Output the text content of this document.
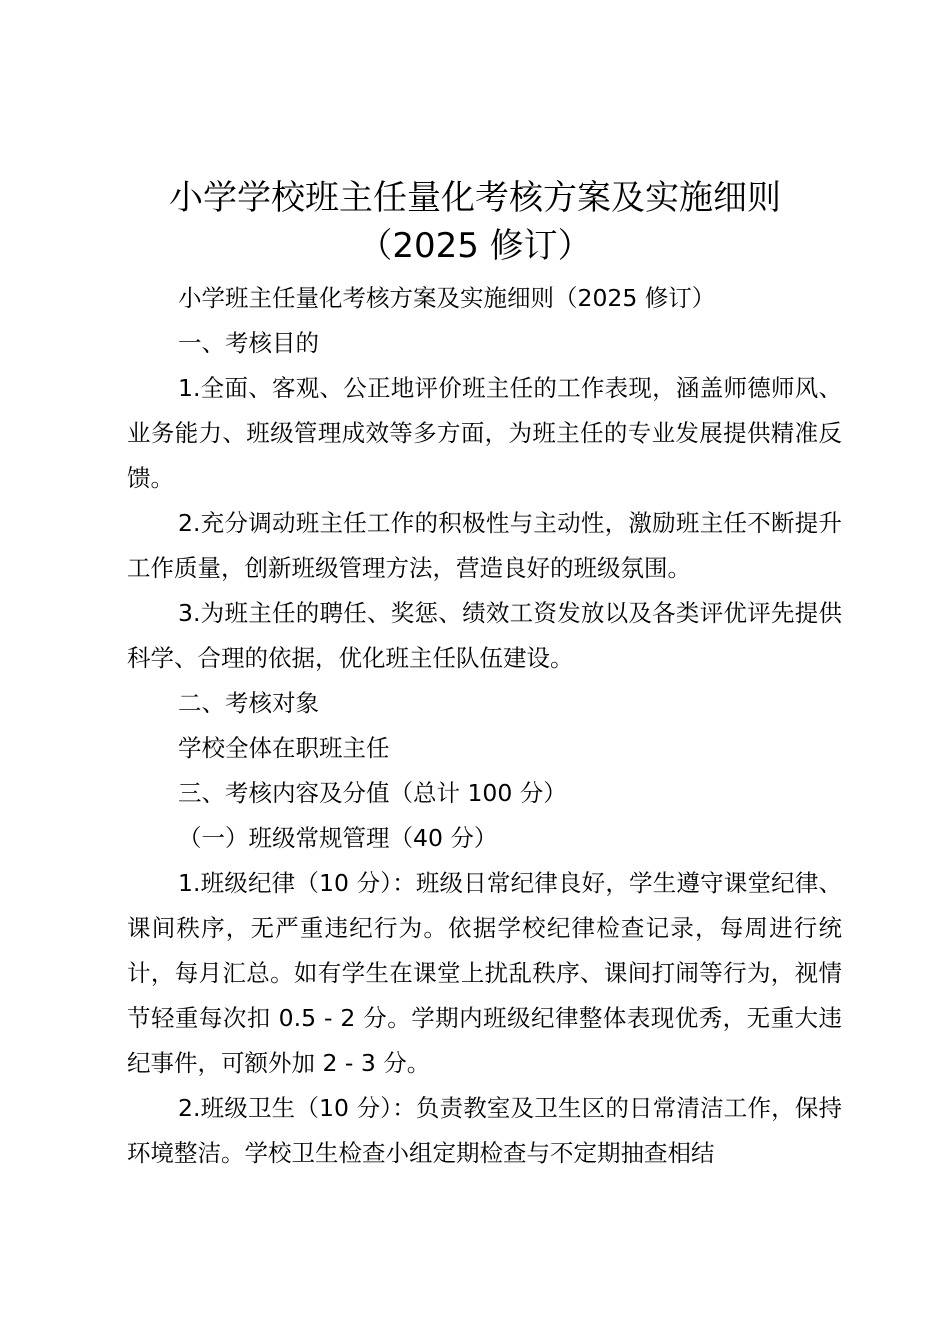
小学学校班主任量化考核方案及实施细则
（2025 修订）

小学班主任量化考核方案及实施细则（2025 修订）

一、考核目的

1.全面、客观、公正地评价班主任的工作表现，涵盖师德师风、业务能力、班级管理成效等多方面，为班主任的专业发展提供精准反馈。

2.充分调动班主任工作的积极性与主动性，激励班主任不断提升工作质量，创新班级管理方法，营造良好的班级氛围。

3.为班主任的聘任、奖惩、绩效工资发放以及各类评优评先提供科学、合理的依据，优化班主任队伍建设。

二、考核对象

学校全体在职班主任

三、考核内容及分值（总计 100 分）

（一）班级常规管理（40 分）

1.班级纪律（10 分）：班级日常纪律良好，学生遵守课堂纪律、课间秩序，无严重违纪行为。依据学校纪律检查记录，每周进行统计，每月汇总。如有学生在课堂上扰乱秩序、课间打闹等行为，视情节轻重每次扣 0.5 - 2 分。学期内班级纪律整体表现优秀，无重大违纪事件，可额外加 2 - 3 分。

2.班级卫生（10 分）：负责教室及卫生区的日常清洁工作，保持环境整洁。学校卫生检查小组定期检查与不定期抽查相结
